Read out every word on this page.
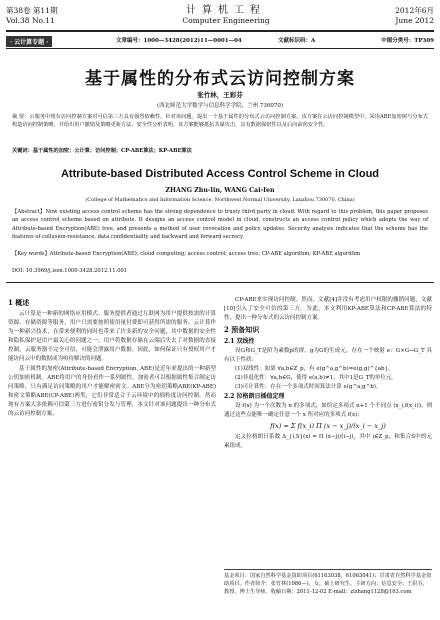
第38卷 第11期
Vol.38 No.11
计算机工程
Computer Engineering
2012年6月
June 2012
· 云计算专题 ·	文章编号：1000—3428(2012)11—0001—04	文献标识码：A	中图分类号：TP309
基于属性的分布式云访问控制方案
张竹林，王彩芬
(西北师范大学数学与信息科学学院，兰州 730070)
摘 要：云服务中现有访问控制方案对可信第三方具有强烈依赖性。针对该问题，提出一个基于属性的分布式云访问控制方案。该方案在云访问控制模型中，采用ABE加密树与分布式构造访问控制策略，并给出用户撤销及策略更新方法。安全性分析表明，该方案能够抵抗共谋攻击，具有数据保密性以及后向前向安全性。
关键词：基于属性的加密；云计算；访问控制；CP-ABE算法；KP-ABE算法
Attribute-based Distributed Access Control Scheme in Cloud
ZHANG Zhu-lin, WANG Cai-fen
(College of Mathematics and Information Science, Northwest Normal University, Lanzhou 730070, China)
【Abstract】Now existing access control scheme has the strong dependence to trusty third party in cloud. With regard to this problem, this paper proposes an access control scheme based on attribute. It designs an access control model in cloud, constructs an access control policy which adopts the way of Attribute-based Encryption(ABE) tree, and presents a method of user revocation and policy updates. Security analysis indicates that the scheme has the features of collusion-resistance, data confidentiality and backward and forward secrecy.
【Key words】Attribute-based Encryption(ABE); cloud computing; access control; access tree; CP-ABE algorithm; KP-ABE algorithm
DOI: 10.3969/j.issn.1000-3428.2012.11.001
1 概述
云计算是一种新的网络应用模式。服务提供者通过互联网为用户提供按需的计算资源、存储资源等服务，用户只需要按照使用量付费即可获得所需的服务。云计算作为一种新兴技术，在带来便利的同时也带来了许多新的安全问题，其中数据的安全性和隐私保护是用户最关心的问题之一。用户将数据存储在云端后失去了对数据的直接控制，云服务器不完全可信，可能会泄露用户数据。因此，如何保证只有授权用户才能访问云中的数据成为亟待解决的问题。
基于属性的加密(Attribute-based Encryption, ABE)是近年来提出的一种新型公钥加密机制。ABE将用户的身份看作一系列属性，加密者可以根据属性集合制定访问策略，只有满足访问策略的用户才能解密密文。ABE分为密钥策略ABE(KP-ABE)和密文策略ABE(CP-ABE)两类，它们非常适合于云环境中的细粒度访问控制。然而现有方案大多依赖可信第三方进行密钥分发与管理，本文针对该问题提出一种分布式的云访问控制方案。
CP-ABE来实现访问控制。然而，文献[4]并没有考虑用户权限的撤销问题，文献[10]引入了安全可信的第三方。为此，本文利用KP-ABE算法和CP-ABE算法的特性，提出一种分布式的云访问控制方案。
2 预备知识
2.1 双线性
设G和G_T是阶为素数p的群，g为G的生成元。存在一个映射 e：G×G→G_T 具有以下性质：
(1)双线性：如果 ∀a,b∈Z_p，有 e(g^a,g^b)=e(g,g)^{ab}。
(2)非退化性：∀a,b∈G，使得 e(a,b)≠1，其中1是G_T的单位元。
(3)可计算性：存在一个多项式时间算法计算 e(g^a,g^b)。
2.2 拉格朗日插值定理
设 f(x) 为一个次数为 n 的多项式，如给定多项式 n+1 个不同点 (x_i,f(x_i))，则通过这些点能唯一确定任意一个 x 所对应的多项式 f(x)：
f(x) = Σ f(x_i) Π (x − x_j)/(x_i − x_j)
定义拉格朗日系数 Δ_{i,S}(x) = Π (x−j)/(i−j)，其中 i∈Z_p，和集合S中的元素组成。
基金项目：国家自然科学基金资助项目(61163038，61063041)；甘肃省自然科学基金资助项目。作者简介：张竹林(1986—)，女，硕士研究生，主研方向：信息安全；王彩芬，教授、博士生导师。收稿日期：2011-12-02 E-mail：zlzhang1128@163.com
